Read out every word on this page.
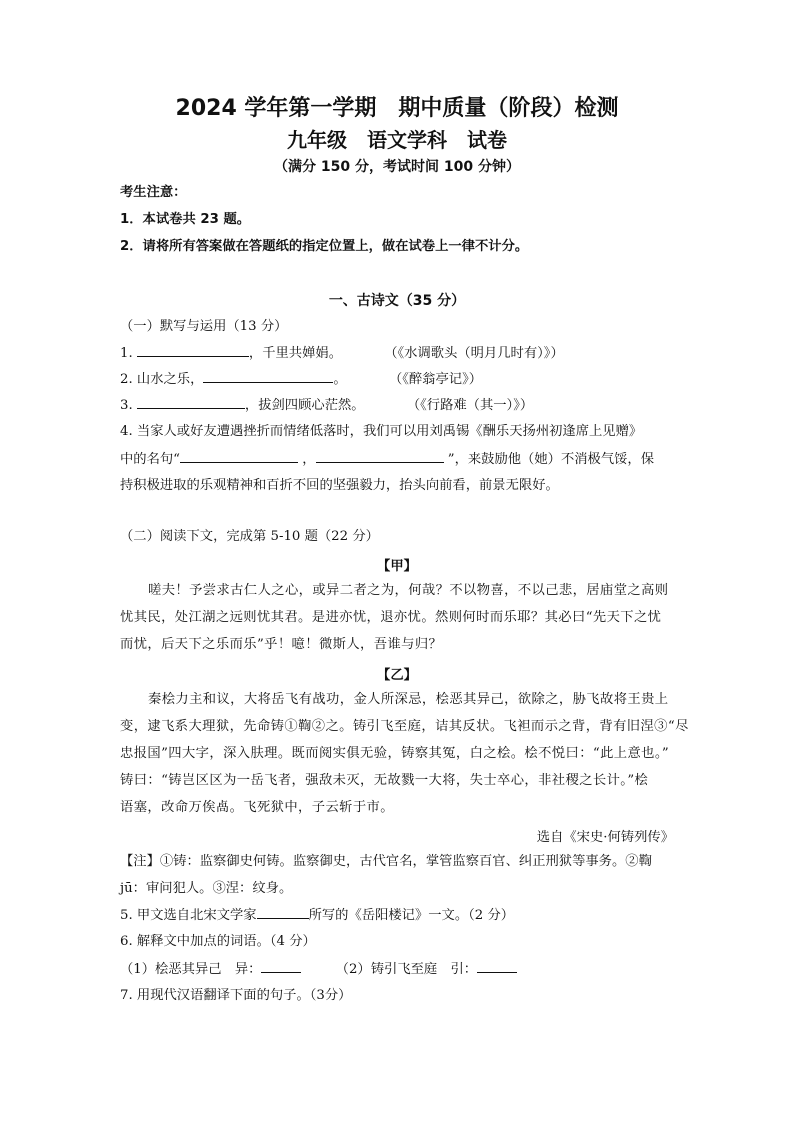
2024 学年第一学期　期中质量（阶段）检测
九年级　语文学科　试卷
（满分 150 分，考试时间 100 分钟）
考生注意：
1．本试卷共 23 题。
2．请将所有答案做在答题纸的指定位置上，做在试卷上一律不计分。
一、古诗文（35 分）
（一）默写与运用（13 分）
1.	，千里共婵娟。	（《水调歌头（明月几时有）》）
2. 山水之乐，	。	（《醉翁亭记》）
3.	，拔剑四顾心茫然。	（《行路难（其一）》）
4. 当家人或好友遭遇挫折而情绪低落时，我们可以用刘禹锡《酬乐天扬州初逢席上见赠》
中的名句“	，	”，来鼓励他（她）不消极气馁，保
持积极进取的乐观精神和百折不回的坚强毅力，抬头向前看，前景无限好。
（二）阅读下文，完成第 5-10 题（22 分）
【甲】
嗟夫！予尝求古仁人之心，或异二者之为，何哉？不以物喜，不以己悲，居庙堂之高则
忧其民，处江湖之远则忧其君。是进亦忧，退亦忧。然则何时而乐耶？其必曰“先天下之忧
而忧，后天下之乐而乐”乎！噫！微斯人，吾谁与归？
【乙】
秦桧力主和议，大将岳飞有战功，金人所深忌，桧恶其异己，欲除之，胁飞故将王贵上
变，逮飞系大理狱，先命铸①鞫②之。铸引飞至庭，诘其反状。飞袒而示之背，背有旧涅③“尽
忠报国”四大字，深入肤理。既而阅实俱无验，铸察其冤，白之桧。桧不悦曰：“此上意也。”
铸曰：“铸岂区区为一岳飞者，强敌未灭，无故戮一大将，失士卒心，非社稷之长计。”桧
语塞，改命万俟卨。飞死狱中，子云斩于市。
选自《宋史·何铸列传》
【注】①铸：监察御史何铸。监察御史，古代官名，掌管监察百官、纠正刑狱等事务。②鞫
jū：审问犯人。③涅：纹身。
5. 甲文选自北宋文学家	所写的《岳阳楼记》一文。（2 分）
6. 解释文中加点的词语。（4 分）
（1）桧恶其异己　异：	（2）铸引飞至庭　引：
7. 用现代汉语翻译下面的句子。（3分）
